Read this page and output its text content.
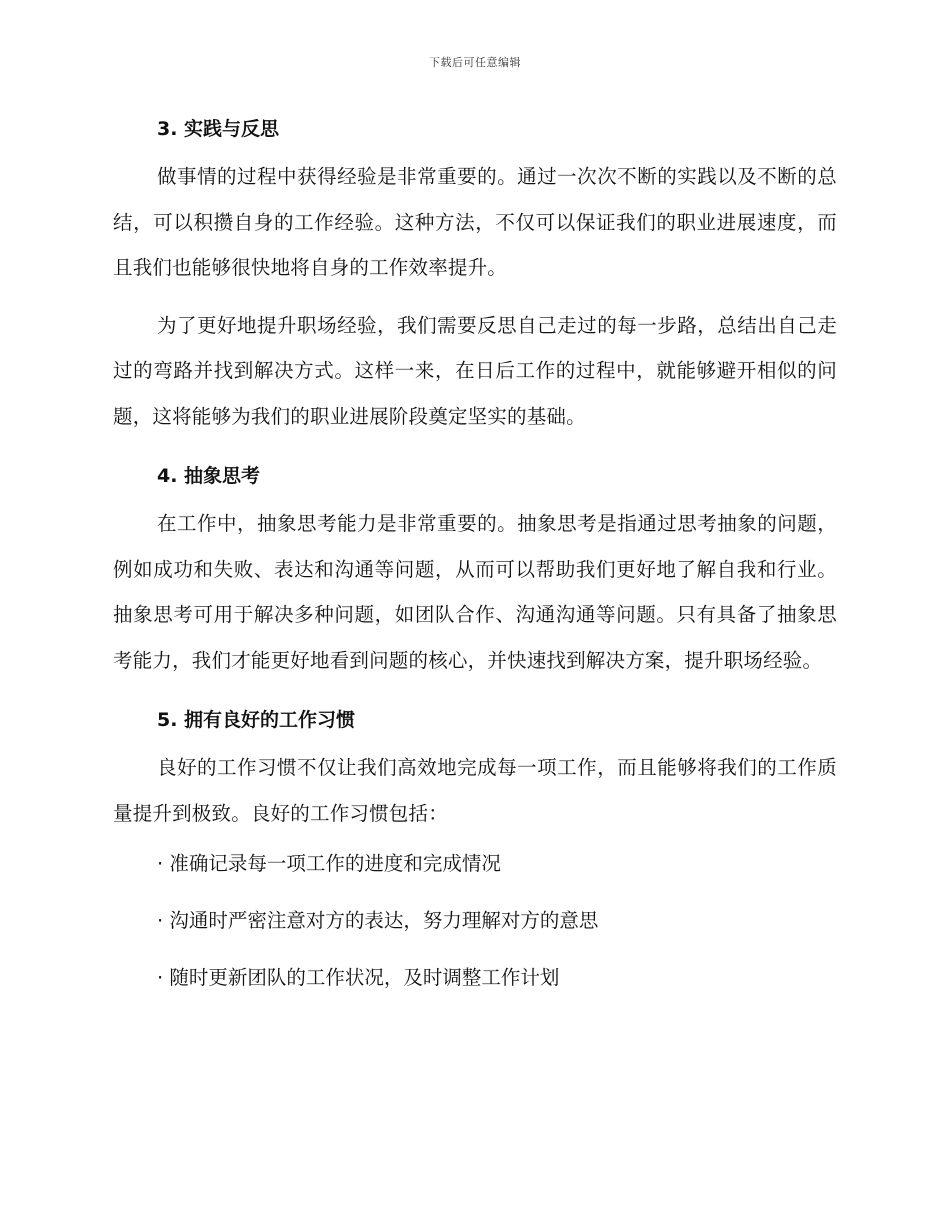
下载后可任意编辑
3. 实践与反思

做事情的过程中获得经验是非常重要的。通过一次次不断的实践以及不断的总结，可以积攒自身的工作经验。这种方法，不仅可以保证我们的职业进展速度，而且我们也能够很快地将自身的工作效率提升。

为了更好地提升职场经验，我们需要反思自己走过的每一步路，总结出自己走过的弯路并找到解决方式。这样一来，在日后工作的过程中，就能够避开相似的问题，这将能够为我们的职业进展阶段奠定坚实的基础。

4. 抽象思考

在工作中，抽象思考能力是非常重要的。抽象思考是指通过思考抽象的问题，例如成功和失败、表达和沟通等问题，从而可以帮助我们更好地了解自我和行业。抽象思考可用于解决多种问题，如团队合作、沟通沟通等问题。只有具备了抽象思考能力，我们才能更好地看到问题的核心，并快速找到解决方案，提升职场经验。

5. 拥有良好的工作习惯

良好的工作习惯不仅让我们高效地完成每一项工作，而且能够将我们的工作质量提升到极致。良好的工作习惯包括：

· 准确记录每一项工作的进度和完成情况

· 沟通时严密注意对方的表达，努力理解对方的意思

· 随时更新团队的工作状况，及时调整工作计划
